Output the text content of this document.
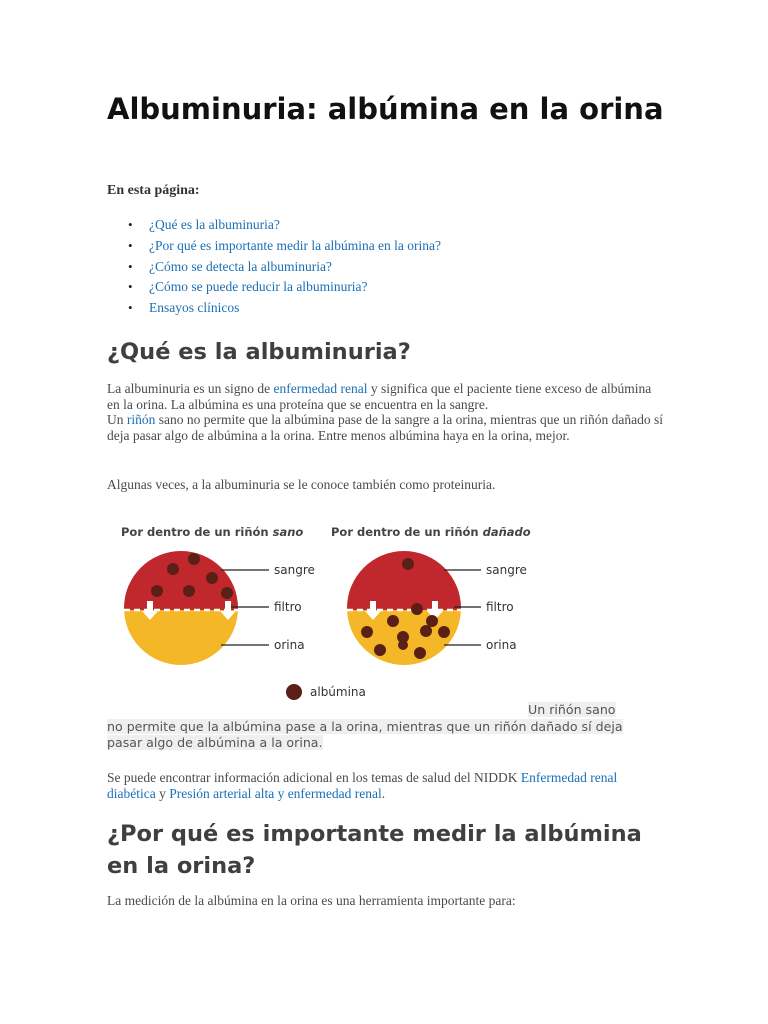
Albuminuria: albúmina en la orina

En esta página:

• ¿Qué es la albuminuria?
• ¿Por qué es importante medir la albúmina en la orina?
• ¿Cómo se detecta la albuminuria?
• ¿Cómo se puede reducir la albuminuria?
• Ensayos clínicos
¿Qué es la albuminuria?

La albuminuria es un signo de enfermedad renal y significa que el paciente tiene exceso de albúmina en la orina. La albúmina es una proteína que se encuentra en la sangre.
Un riñón sano no permite que la albúmina pase de la sangre a la orina, mientras que un riñón dañado sí deja pasar algo de albúmina a la orina. Entre menos albúmina haya en la orina, mejor.

Algunas veces, a la albuminuria se le conoce también como proteinuria.

Por dentro de un riñón sano Por dentro de un riñón dañado
sangre
filtro
orina
sangre
filtro
orina
albúmina

Un riñón sano no permite que la albúmina pase a la orina, mientras que un riñón dañado sí deja pasar algo de albúmina a la orina.

Se puede encontrar información adicional en los temas de salud del NIDDK Enfermedad renal diabética y Presión arterial alta y enfermedad renal.

¿Por qué es importante medir la albúmina en la orina?

La medición de la albúmina en la orina es una herramienta importante para:
